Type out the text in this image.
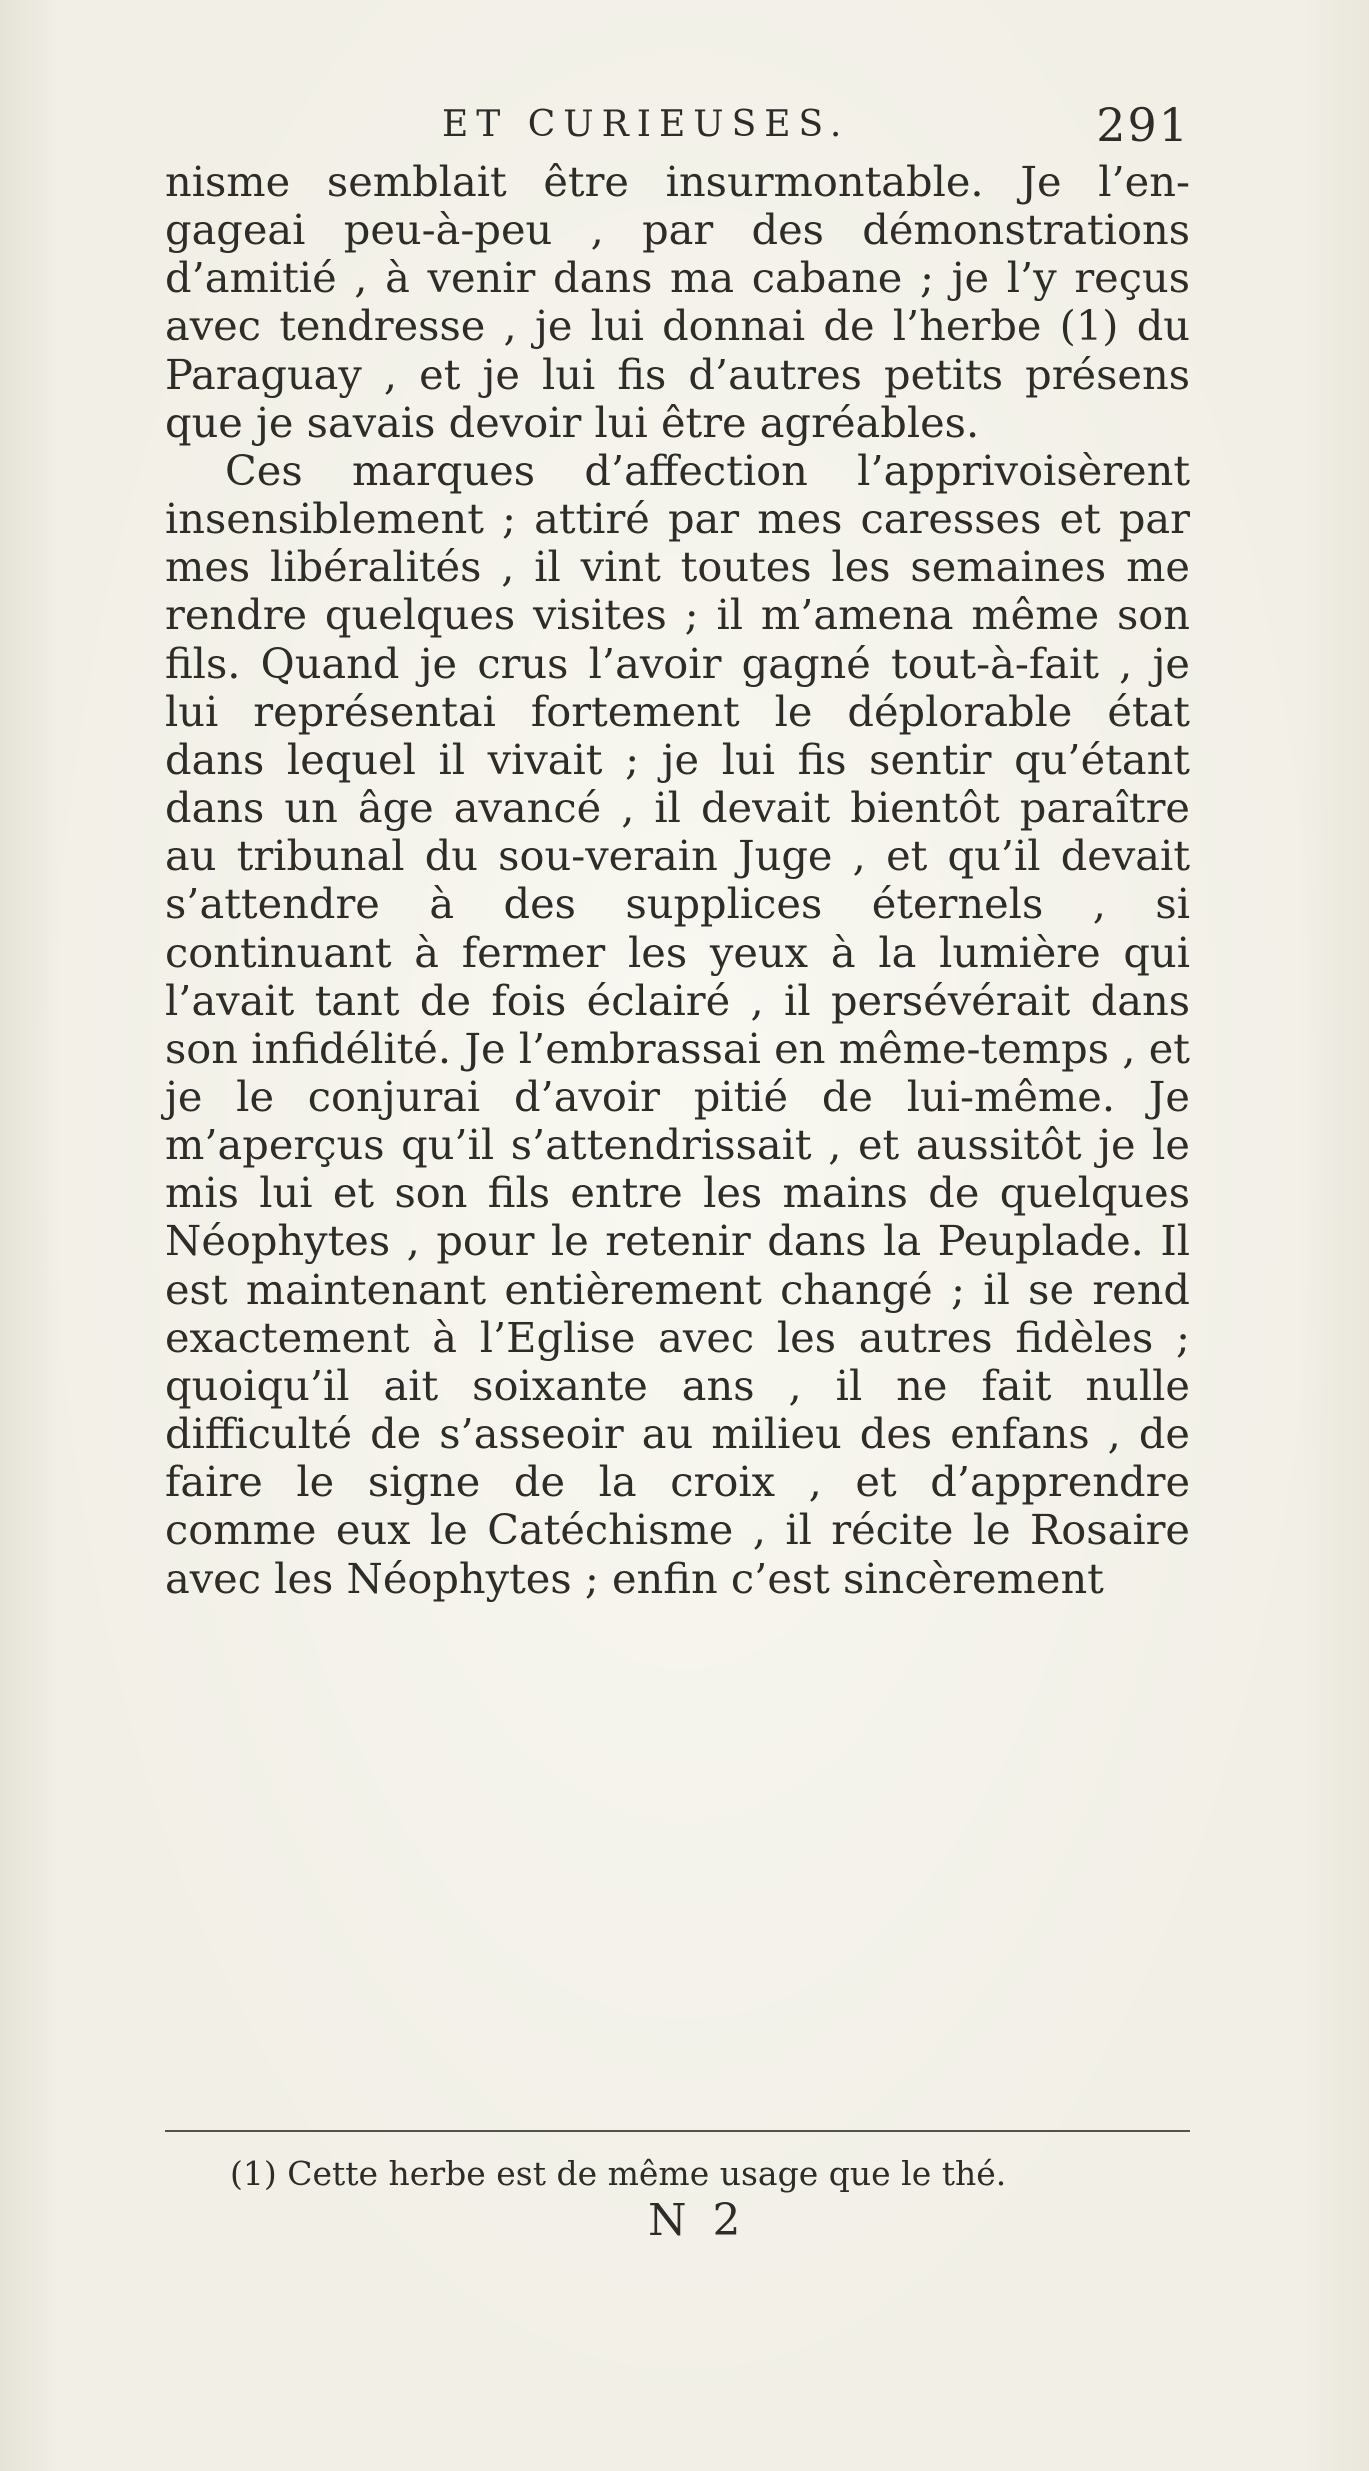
ET CURIEUSES.	291

nisme semblait être insurmontable. Je l’en-gageai peu-à-peu , par des démonstrations d’amitié , à venir dans ma cabane ; je l’y reçus avec tendresse , je lui donnai de l’herbe (1) du Paraguay , et je lui fis d’autres petits présens que je savais devoir lui être agréables.

Ces marques d’affection l’apprivoisèrent insensiblement ; attiré par mes caresses et par mes libéralités , il vint toutes les semaines me rendre quelques visites ; il m’amena même son fils. Quand je crus l’avoir gagné tout-à-fait , je lui représentai fortement le déplorable état dans lequel il vivait ; je lui fis sentir qu’étant dans un âge avancé , il devait bientôt paraître au tribunal du sou-verain Juge , et qu’il devait s’attendre à des supplices éternels , si continuant à fermer les yeux à la lumière qui l’avait tant de fois éclairé , il persévérait dans son infidélité. Je l’embrassai en même-temps , et je le conjurai d’avoir pitié de lui-même. Je m’aperçus qu’il s’attendrissait , et aussitôt je le mis lui et son fils entre les mains de quelques Néophytes , pour le retenir dans la Peuplade. Il est maintenant entièrement changé ; il se rend exactement à l’Eglise avec les autres fidèles ; quoiqu’il ait soixante ans , il ne fait nulle difficulté de s’asseoir au milieu des enfans , de faire le signe de la croix , et d’apprendre comme eux le Catéchisme , il récite le Rosaire avec les Néophytes ; enfin c’est sincèrement

(1) Cette herbe est de même usage que le thé.
N 2
